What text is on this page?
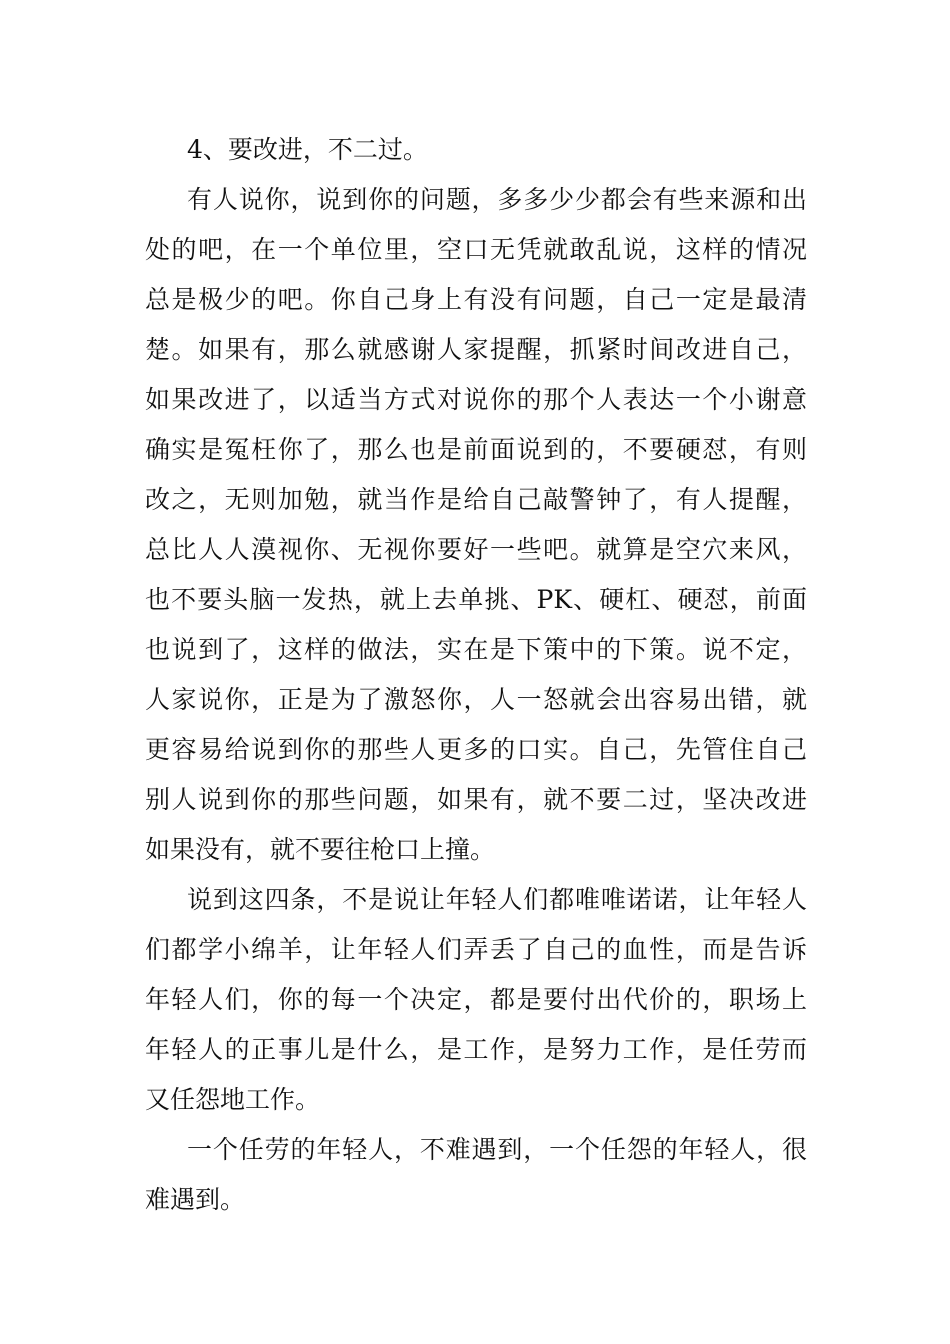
4、要改进，不二过。

有人说你，说到你的问题，多多少少都会有些来源和出
处的吧，在一个单位里，空口无凭就敢乱说，这样的情况
总是极少的吧。你自己身上有没有问题，自己一定是最清
楚。如果有，那么就感谢人家提醒，抓紧时间改进自己，
如果改进了，以适当方式对说你的那个人表达一个小谢意
确实是冤枉你了，那么也是前面说到的，不要硬怼，有则
改之，无则加勉，就当作是给自己敲警钟了，有人提醒，
总比人人漠视你、无视你要好一些吧。就算是空穴来风，
也不要头脑一发热，就上去单挑、PK、硬杠、硬怼，前面
也说到了，这样的做法，实在是下策中的下策。说不定，
人家说你，正是为了激怒你，人一怒就会出容易出错，就
更容易给说到你的那些人更多的口实。自己，先管住自己
别人说到你的那些问题，如果有，就不要二过，坚决改进
如果没有，就不要往枪口上撞。

说到这四条，不是说让年轻人们都唯唯诺诺，让年轻人
们都学小绵羊，让年轻人们弄丢了自己的血性，而是告诉
年轻人们，你的每一个决定，都是要付出代价的，职场上
年轻人的正事儿是什么，是工作，是努力工作，是任劳而
又任怨地工作。

一个任劳的年轻人，不难遇到，一个任怨的年轻人，很
难遇到。
